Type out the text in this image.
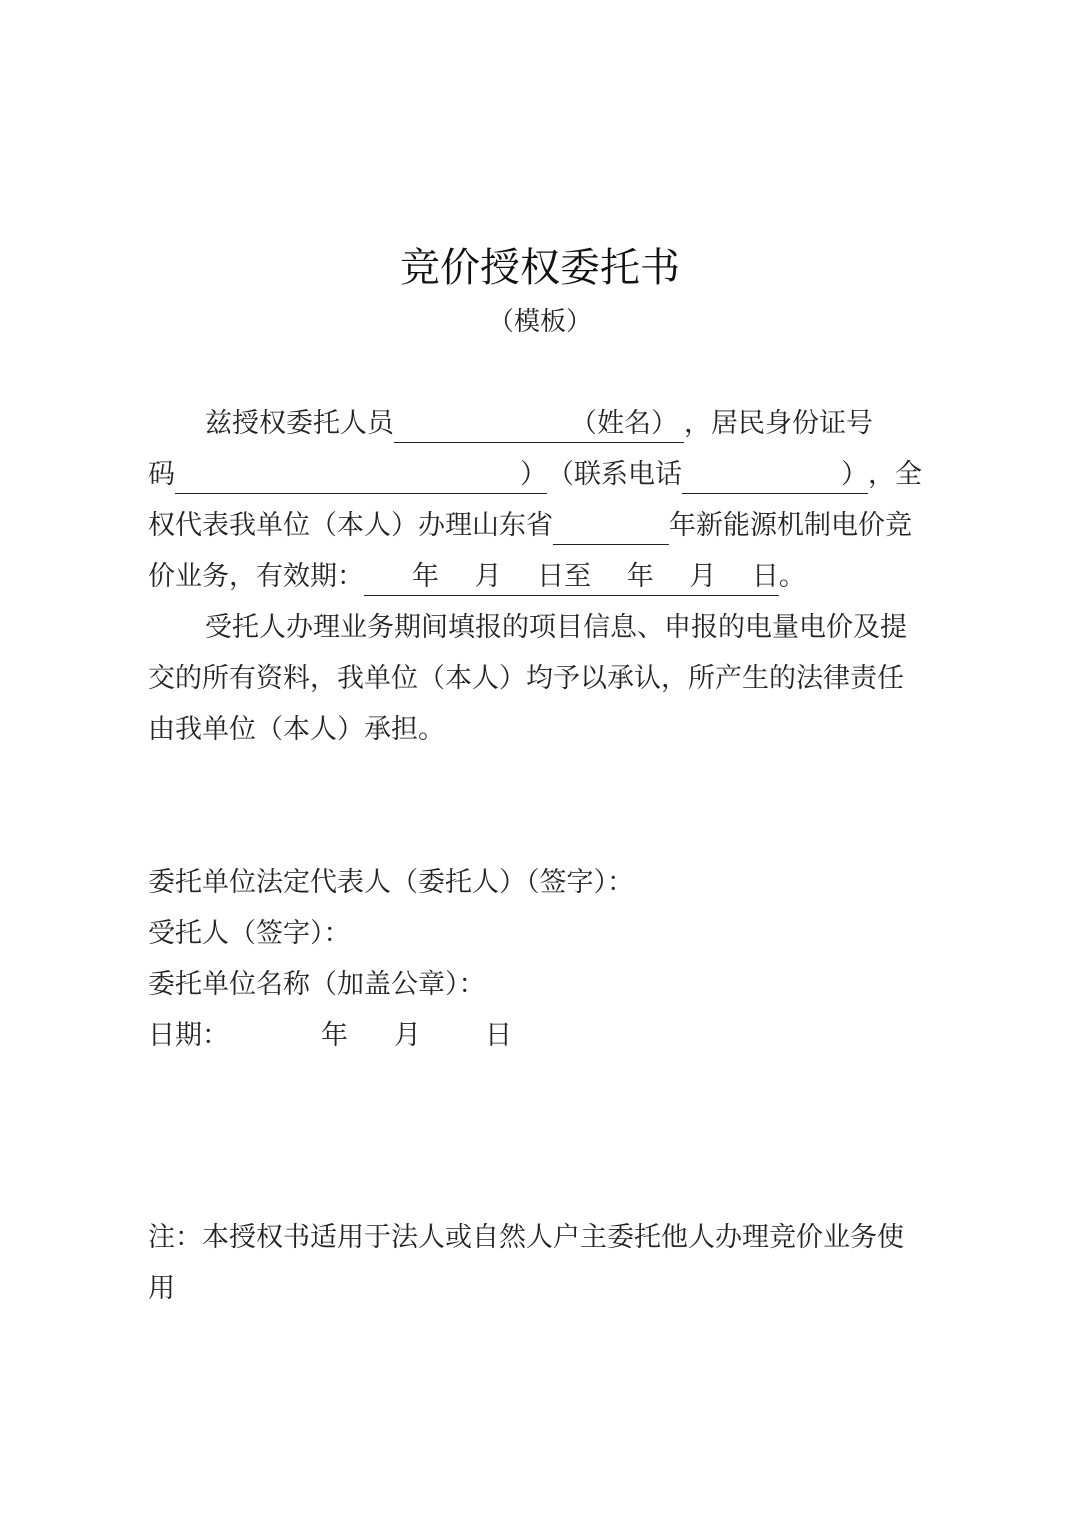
竞价授权委托书
（模板）
兹授权委托人员	（姓名） ，居民身份证号
码	）（联系电话	），全
权代表我单位（本人）办理山东省	年新能源机制电价竞
价业务，有效期： 年　 月　 日至　 年　 月　 日。
受托人办理业务期间填报的项目信息、申报的电量电价及提
交的所有资料，我单位（本人）均予以承认，所产生的法律责任
由我单位（本人）承担。
委托单位法定代表人（委托人）（签字）：
受托人（签字）：
委托单位名称（加盖公章）：
日期：	年 月 日
注：本授权书适用于法人或自然人户主委托他人办理竞价业务使
用
